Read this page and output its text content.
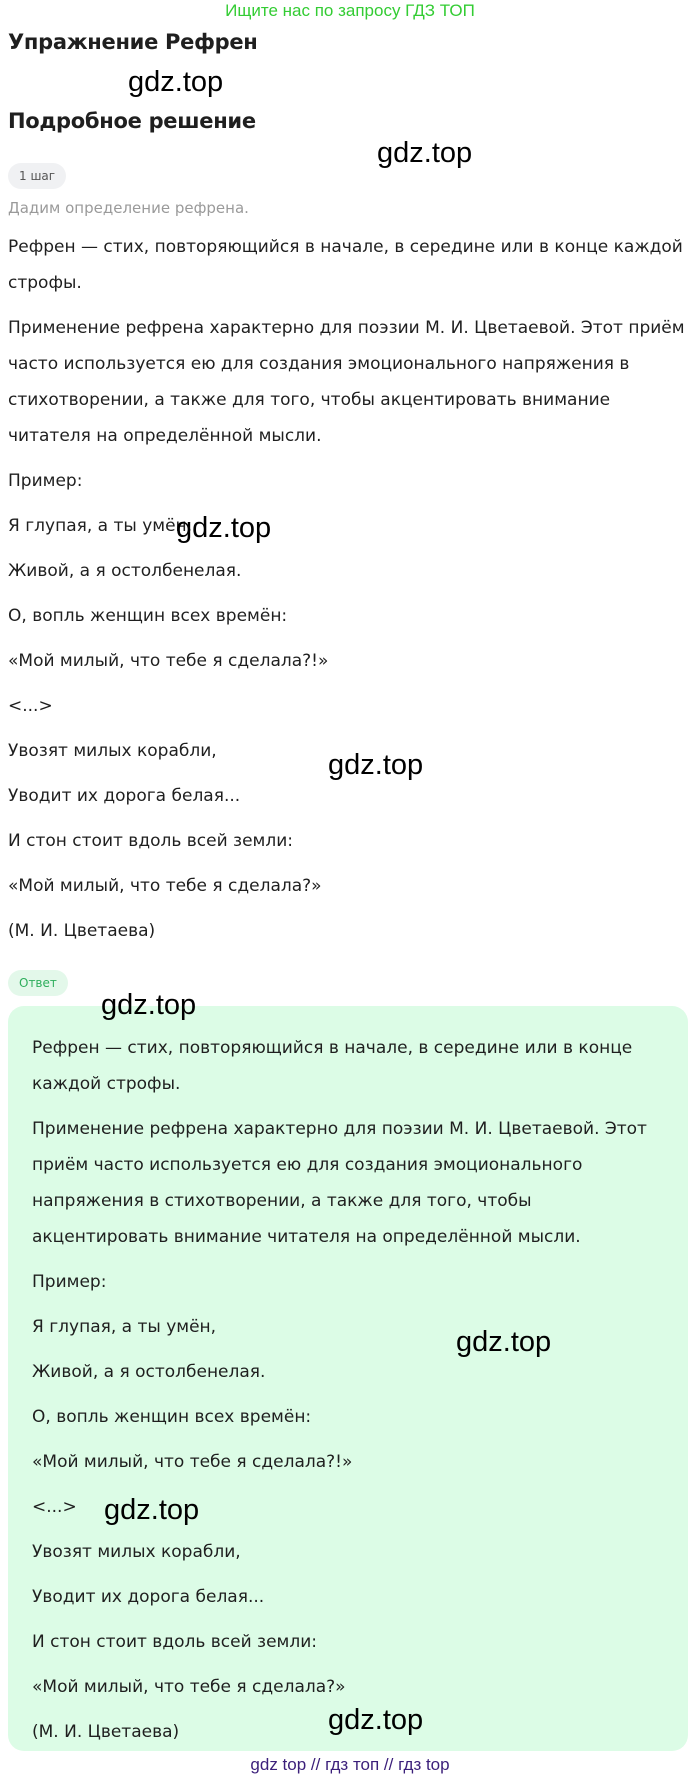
Ищите нас по запросу ГДЗ ТОП
Упражнение Рефрен
Подробное решение
1 шаг
Дадим определение рефрена.

Рефрен — стих, повторяющийся в начале, в середине или в конце каждой строфы.

Применение рефрена характерно для поэзии М. И. Цветаевой. Этот приём часто используется ею для создания эмоционального напряжения в стихотворении, а также для того, чтобы акцентировать внимание читателя на определённой мысли.

Пример:

Я глупая, а ты умён,

Живой, а я остолбенелая.

О, вопль женщин всех времён:

«Мой милый, что тебе я сделала?!»

<...>

Увозят милых корабли,

Уводит их дорога белая...

И стон стоит вдоль всей земли:

«Мой милый, что тебе я сделала?»

(М. И. Цветаева)

Ответ

Рефрен — стих, повторяющийся в начале, в середине или в конце каждой строфы.

Применение рефрена характерно для поэзии М. И. Цветаевой. Этот приём часто используется ею для создания эмоционального напряжения в стихотворении, а также для того, чтобы акцентировать внимание читателя на определённой мысли.

Пример:

Я глупая, а ты умён,

Живой, а я остолбенелая.

О, вопль женщин всех времён:

«Мой милый, что тебе я сделала?!»

<...>

Увозят милых корабли,

Уводит их дорога белая...

И стон стоит вдоль всей земли:

«Мой милый, что тебе я сделала?»

(М. И. Цветаева)

gdz.top
gdz.top
gdz.top
gdz.top
gdz.top
gdz.top
gdz.top
gdz.top
gdz top // гдз топ // гдз top
